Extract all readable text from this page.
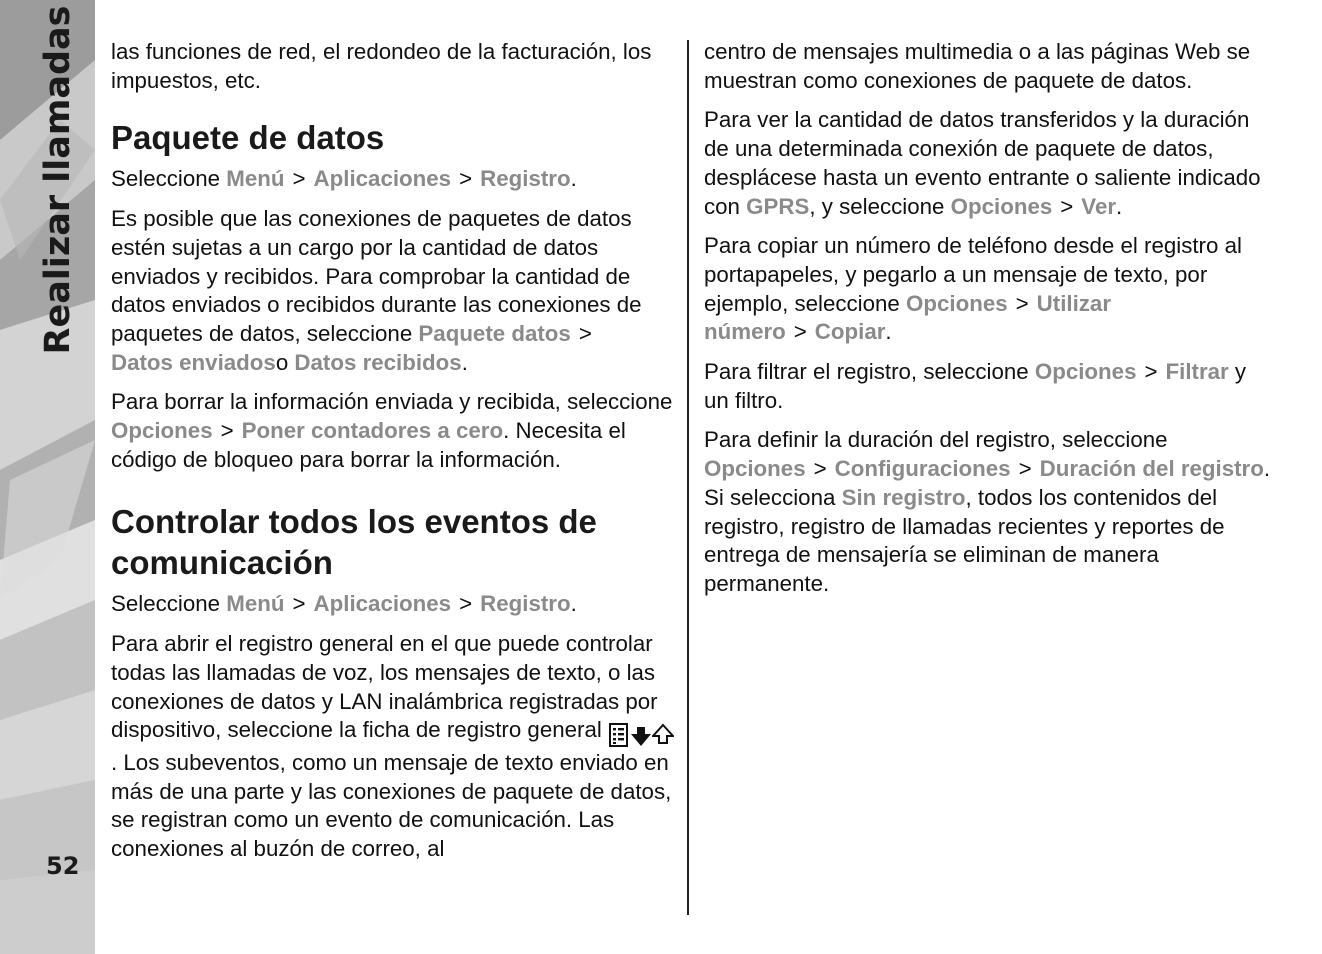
Realizar llamadas
52

las funciones de red, el redondeo de la facturación, los impuestos, etc.

Paquete de datos

Seleccione Menú > Aplicaciones > Registro.

Es posible que las conexiones de paquetes de datos estén sujetas a un cargo por la cantidad de datos enviados y recibidos. Para comprobar la cantidad de datos enviados o recibidos durante las conexiones de paquetes de datos, seleccione Paquete datos >
Datos enviadoso Datos recibidos.

Para borrar la información enviada y recibida, seleccione Opciones > Poner contadores a cero. Necesita el código de bloqueo para borrar la información.

Controlar todos los eventos de comunicación

Seleccione Menú > Aplicaciones > Registro.

Para abrir el registro general en el que puede controlar todas las llamadas de voz, los mensajes de texto, o las conexiones de datos y LAN inalámbrica registradas por dispositivo, seleccione la ficha de registro general . Los subeventos, como un mensaje de texto enviado en más de una parte y las conexiones de paquete de datos, se registran como un evento de comunicación. Las conexiones al buzón de correo, al

centro de mensajes multimedia o a las páginas Web se muestran como conexiones de paquete de datos.

Para ver la cantidad de datos transferidos y la duración de una determinada conexión de paquete de datos, desplácese hasta un evento entrante o saliente indicado con GPRS, y seleccione Opciones > Ver.

Para copiar un número de teléfono desde el registro al portapapeles, y pegarlo a un mensaje de texto, por ejemplo, seleccione Opciones > Utilizar número > Copiar.

Para filtrar el registro, seleccione Opciones > Filtrar y un filtro.

Para definir la duración del registro, seleccione Opciones > Configuraciones > Duración del registro. Si selecciona Sin registro, todos los contenidos del registro, registro de llamadas recientes y reportes de entrega de mensajería se eliminan de manera permanente.
